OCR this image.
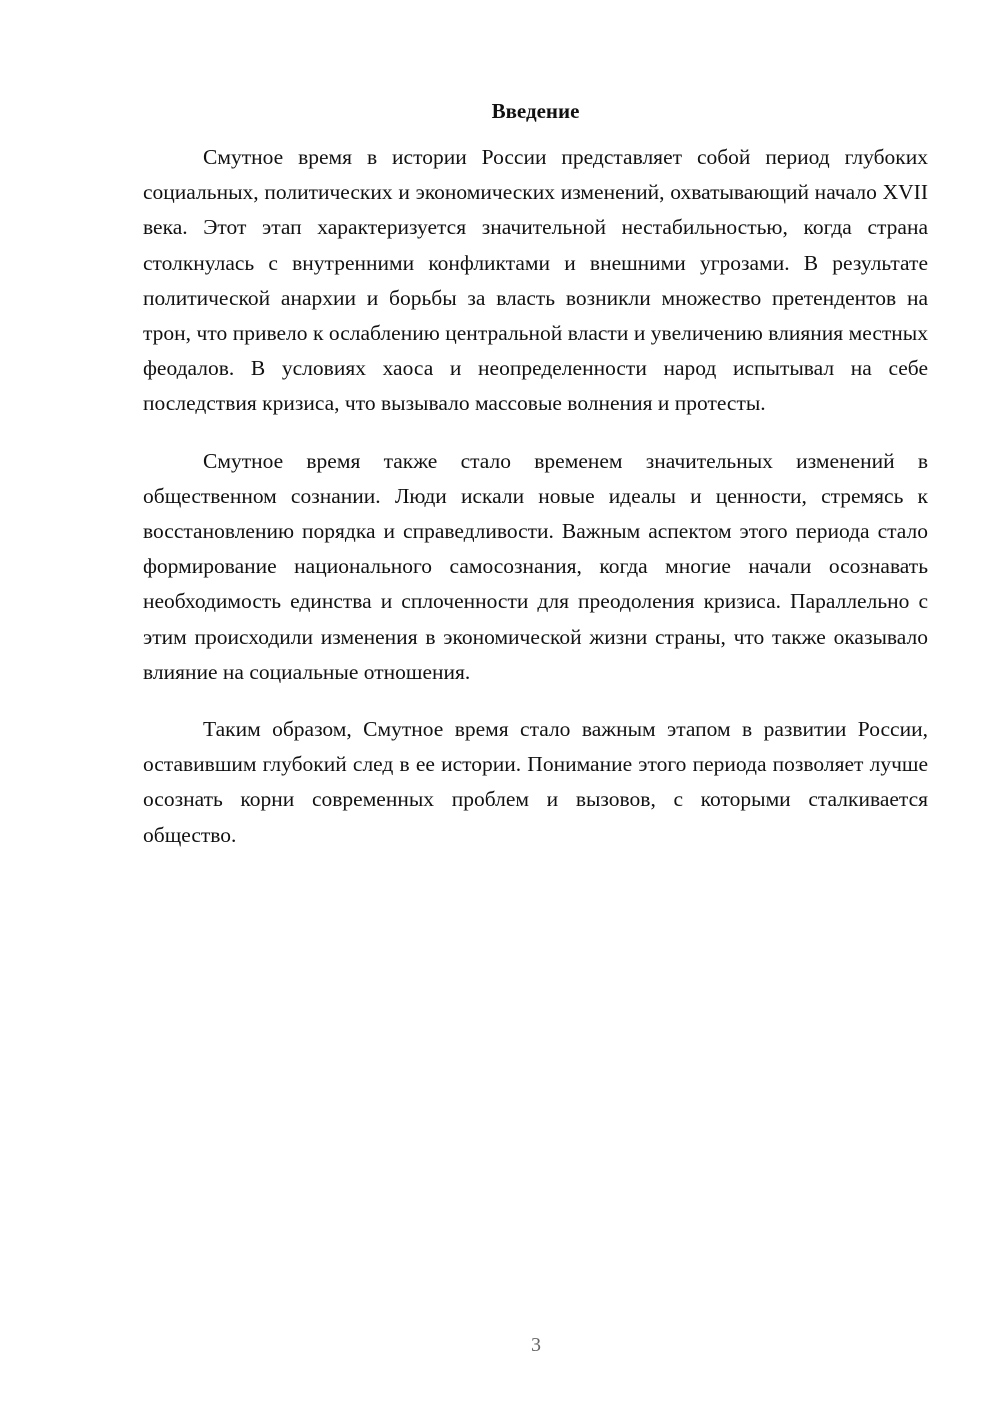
Введение

Смутное время в истории России представляет собой период глубоких социальных, политических и экономических изменений, охватывающий начало XVII века. Этот этап характеризуется значительной нестабильностью, когда страна столкнулась с внутренними конфликтами и внешними угрозами. В результате политической анархии и борьбы за власть возникли множество претендентов на трон, что привело к ослаблению центральной власти и увеличению влияния местных феодалов. В условиях хаоса и неопределенности народ испытывал на себе последствия кризиса, что вызывало массовые волнения и протесты.

Смутное время также стало временем значительных изменений в общественном сознании. Люди искали новые идеалы и ценности, стремясь к восстановлению порядка и справедливости. Важным аспектом этого периода стало формирование национального самосознания, когда многие начали осознавать необходимость единства и сплоченности для преодоления кризиса. Параллельно с этим происходили изменения в экономической жизни страны, что также оказывало влияние на социальные отношения.

Таким образом, Смутное время стало важным этапом в развитии России, оставившим глубокий след в ее истории. Понимание этого периода позволяет лучше осознать корни современных проблем и вызовов, с которыми сталкивается общество.

3
